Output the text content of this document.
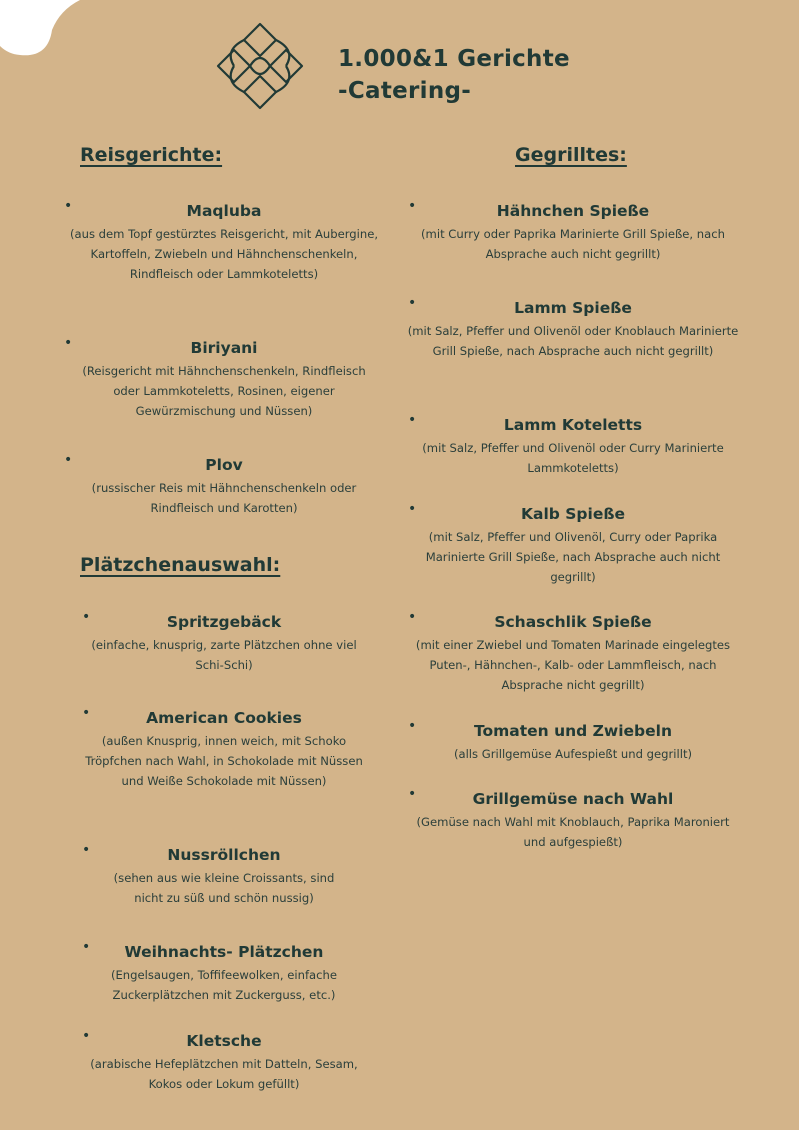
1.000&1 Gerichte
-Catering-
Reisgerichte:	Gegrilltes:
Plätzchenauswahl:
•	Maqluba
(aus dem Topf gestürztes Reisgericht, mit Aubergine, Kartoffeln, Zwiebeln und Hähnchenschenkeln, Rindfleisch oder Lammkoteletts)
•	Biriyani
(Reisgericht mit Hähnchenschenkeln, Rindfleisch oder Lammkoteletts, Rosinen, eigener Gewürzmischung und Nüssen)
•	Plov
(russischer Reis mit Hähnchenschenkeln oder Rindfleisch und Karotten)
•	Spritzgebäck
(einfache, knusprig, zarte Plätzchen ohne viel Schi-Schi)
•	American Cookies
(außen Knusprig, innen weich, mit Schoko Tröpfchen nach Wahl, in Schokolade mit Nüssen und Weiße Schokolade mit Nüssen)
•	Nussröllchen
(sehen aus wie kleine Croissants, sind nicht zu süß und schön nussig)
•	Weihnachts- Plätzchen
(Engelsaugen, Toffifeewolken, einfache Zuckerplätzchen mit Zuckerguss, etc.)
•	Kletsche
(arabische Hefeplätzchen mit Datteln, Sesam, Kokos oder Lokum gefüllt)
•	Hähnchen Spieße
(mit Curry oder Paprika Marinierte Grill Spieße, nach Absprache auch nicht gegrillt)
•	Lamm Spieße
(mit Salz, Pfeffer und Olivenöl oder Knoblauch Marinierte Grill Spieße, nach Absprache auch nicht gegrillt)
•	Lamm Koteletts
(mit Salz, Pfeffer und Olivenöl oder Curry Marinierte Lammkoteletts)
•	Kalb Spieße
(mit Salz, Pfeffer und Olivenöl, Curry oder Paprika Marinierte Grill Spieße, nach Absprache auch nicht gegrillt)
•	Schaschlik Spieße
(mit einer Zwiebel und Tomaten Marinade eingelegtes Puten-, Hähnchen-, Kalb- oder Lammfleisch, nach Absprache nicht gegrillt)
•	Tomaten und Zwiebeln
(alls Grillgemüse Aufespießt und gegrillt)
•	Grillgemüse nach Wahl
(Gemüse nach Wahl mit Knoblauch, Paprika Maroniert und aufgespießt)
